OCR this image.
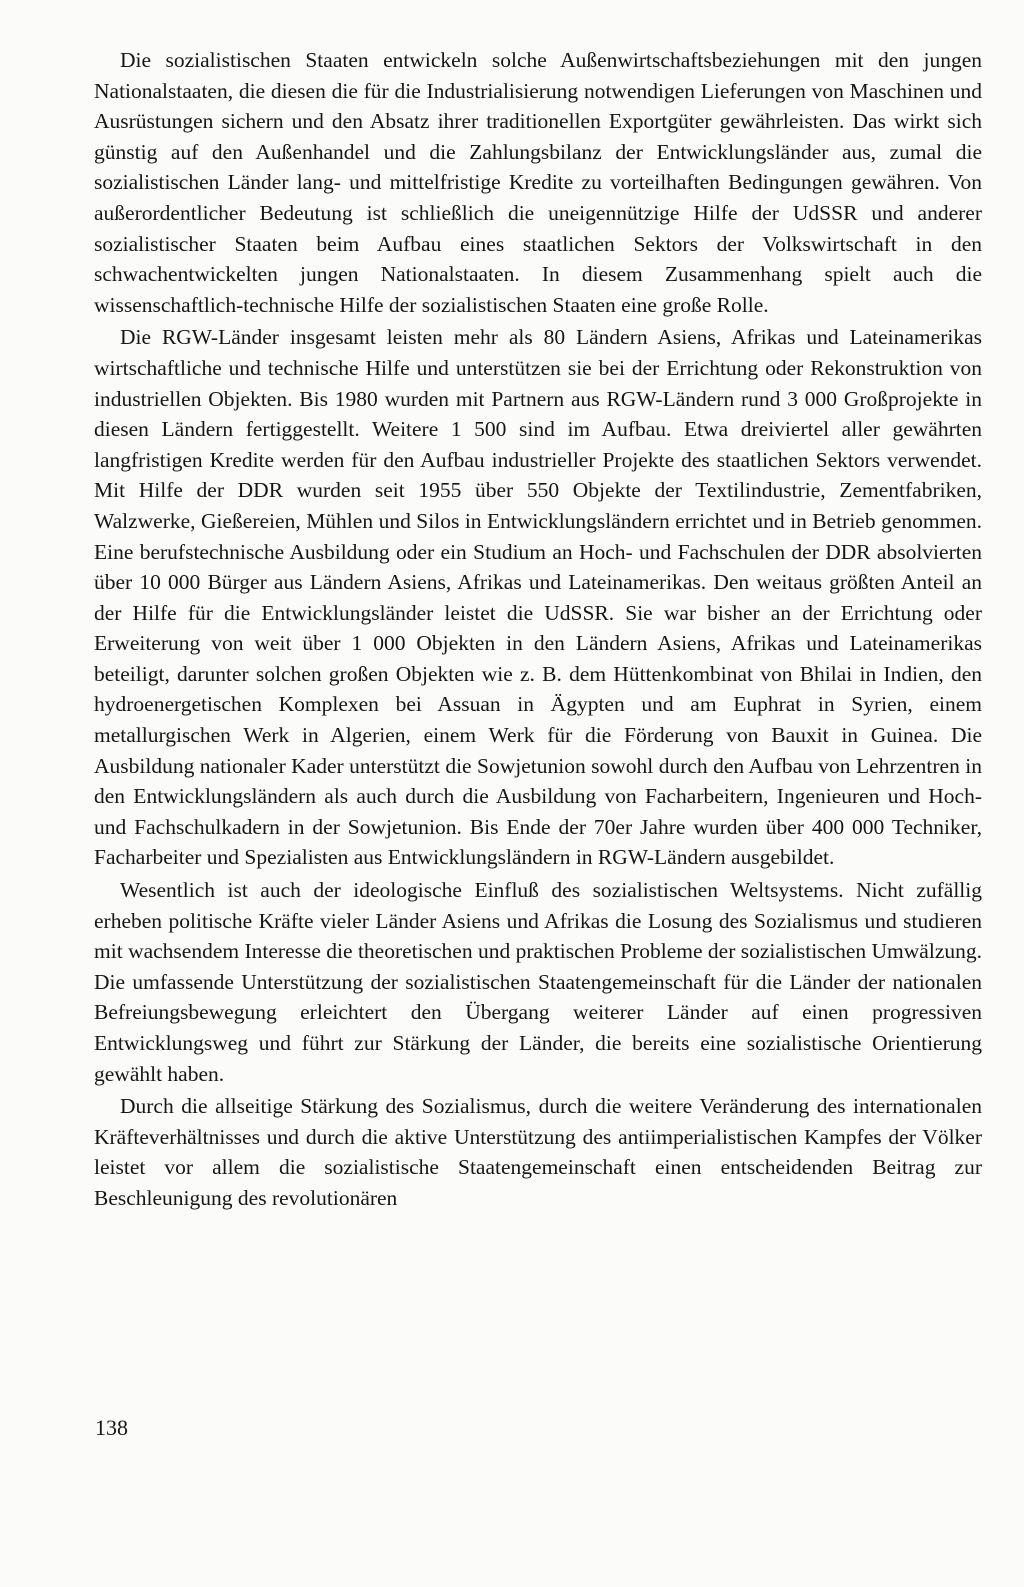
Die sozialistischen Staaten entwickeln solche Außenwirtschaftsbeziehungen mit den jungen Nationalstaaten, die diesen die für die Industrialisierung notwendigen Lieferungen von Maschinen und Ausrüstungen sichern und den Absatz ihrer traditionellen Exportgüter gewährleisten. Das wirkt sich günstig auf den Außenhandel und die Zahlungsbilanz der Entwicklungsländer aus, zumal die sozialistischen Länder lang- und mittelfristige Kredite zu vorteilhaften Bedingungen gewähren. Von außerordentlicher Bedeutung ist schließlich die uneigennützige Hilfe der UdSSR und anderer sozialistischer Staaten beim Aufbau eines staatlichen Sektors der Volkswirtschaft in den schwachentwickelten jungen Nationalstaaten. In diesem Zusammenhang spielt auch die wissenschaftlich-technische Hilfe der sozialistischen Staaten eine große Rolle.

Die RGW-Länder insgesamt leisten mehr als 80 Ländern Asiens, Afrikas und Lateinamerikas wirtschaftliche und technische Hilfe und unterstützen sie bei der Errichtung oder Rekonstruktion von industriellen Objekten. Bis 1980 wurden mit Partnern aus RGW-Ländern rund 3 000 Großprojekte in diesen Ländern fertiggestellt. Weitere 1 500 sind im Aufbau. Etwa dreiviertel aller gewährten langfristigen Kredite werden für den Aufbau industrieller Projekte des staatlichen Sektors verwendet. Mit Hilfe der DDR wurden seit 1955 über 550 Objekte der Textilindustrie, Zementfabriken, Walzwerke, Gießereien, Mühlen und Silos in Entwicklungsländern errichtet und in Betrieb genommen. Eine berufstechnische Ausbildung oder ein Studium an Hoch- und Fachschulen der DDR absolvierten über 10 000 Bürger aus Ländern Asiens, Afrikas und Lateinamerikas. Den weitaus größten Anteil an der Hilfe für die Entwicklungsländer leistet die UdSSR. Sie war bisher an der Errichtung oder Erweiterung von weit über 1 000 Objekten in den Ländern Asiens, Afrikas und Lateinamerikas beteiligt, darunter solchen großen Objekten wie z. B. dem Hüttenkombinat von Bhilai in Indien, den hydroenergetischen Komplexen bei Assuan in Ägypten und am Euphrat in Syrien, einem metallurgischen Werk in Algerien, einem Werk für die Förderung von Bauxit in Guinea. Die Ausbildung nationaler Kader unterstützt die Sowjetunion sowohl durch den Aufbau von Lehrzentren in den Entwicklungsländern als auch durch die Ausbildung von Facharbeitern, Ingenieuren und Hoch- und Fachschulkadern in der Sowjetunion. Bis Ende der 70er Jahre wurden über 400 000 Techniker, Facharbeiter und Spezialisten aus Entwicklungsländern in RGW-Ländern ausgebildet.

Wesentlich ist auch der ideologische Einfluß des sozialistischen Weltsystems. Nicht zufällig erheben politische Kräfte vieler Länder Asiens und Afrikas die Losung des Sozialismus und studieren mit wachsendem Interesse die theoretischen und praktischen Probleme der sozialistischen Umwälzung. Die umfassende Unterstützung der sozialistischen Staatengemeinschaft für die Länder der nationalen Befreiungsbewegung erleichtert den Übergang weiterer Länder auf einen progressiven Entwicklungsweg und führt zur Stärkung der Länder, die bereits eine sozialistische Orientierung gewählt haben.

Durch die allseitige Stärkung des Sozialismus, durch die weitere Veränderung des internationalen Kräfteverhältnisses und durch die aktive Unterstützung des antiimperialistischen Kampfes der Völker leistet vor allem die sozialistische Staatengemeinschaft einen entscheidenden Beitrag zur Beschleunigung des revolutionären

138
